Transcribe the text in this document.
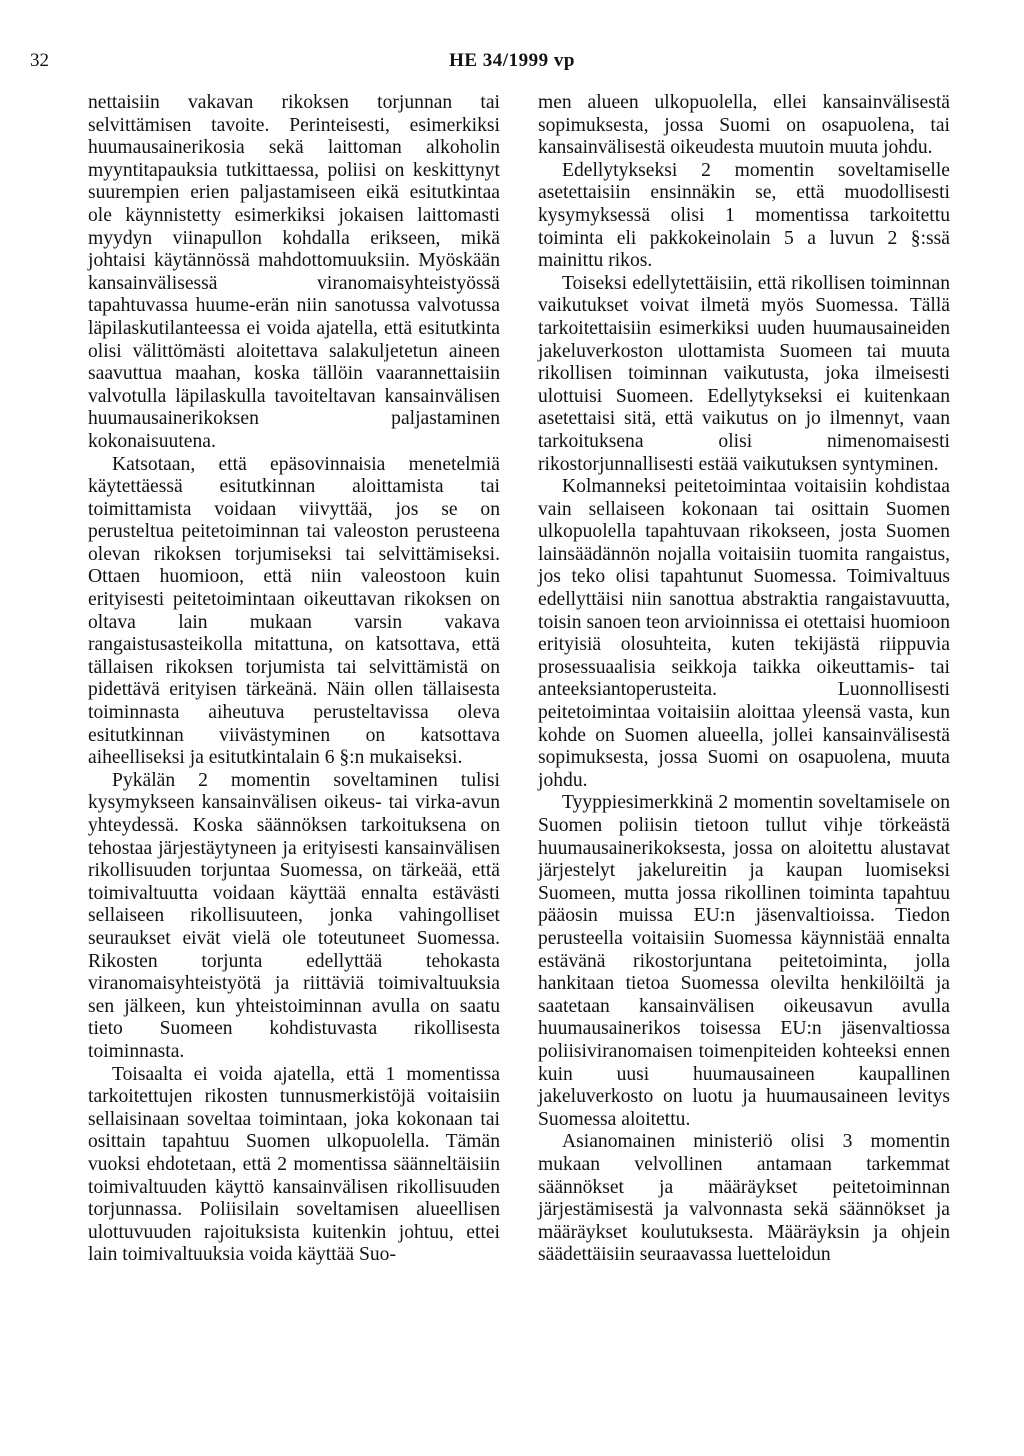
32	HE 34/1999 vp

nettaisiin vakavan rikoksen torjunnan tai selvittämisen tavoite. Perinteisesti, esimerkiksi huumausainerikosia sekä laittoman alkoholin myyntitapauksia tutkittaessa, poliisi on keskittynyt suurempien erien paljastamiseen eikä esitutkintaa ole käynnistetty esimerkiksi jokaisen laittomasti myydyn viinapullon kohdalla erikseen, mikä johtaisi käytännössä mahdottomuuksiin. Myöskään kansainvälisessä viranomaisyhteistyössä tapahtuvassa huume-erän niin sanotussa valvotussa läpilaskutilanteessa ei voida ajatella, että esitutkinta olisi välittömästi aloitettava salakuljetetun aineen saavuttua maahan, koska tällöin vaarannettaisiin valvotulla läpilaskulla tavoiteltavan kansainvälisen huumausainerikoksen paljastaminen kokonaisuutena.

Katsotaan, että epäsovinnaisia menetelmiä käytettäessä esitutkinnan aloittamista tai toimittamista voidaan viivyttää, jos se on perusteltua peitetoiminnan tai valeoston perusteena olevan rikoksen torjumiseksi tai selvittämiseksi. Ottaen huomioon, että niin valeostoon kuin erityisesti peitetoimintaan oikeuttavan rikoksen on oltava lain mukaan varsin vakava rangaistusasteikolla mitattuna, on katsottava, että tällaisen rikoksen torjumista tai selvittämistä on pidettävä erityisen tärkeänä. Näin ollen tällaisesta toiminnasta aiheutuva perusteltavissa oleva esitutkinnan viivästyminen on katsottava aiheelliseksi ja esitutkintalain 6 §:n mukaiseksi.

Pykälän 2 momentin soveltaminen tulisi kysymykseen kansainvälisen oikeus- tai virka-avun yhteydessä. Koska säännöksen tarkoituksena on tehostaa järjestäytyneen ja erityisesti kansainvälisen rikollisuuden torjuntaa Suomessa, on tärkeää, että toimivaltuutta voidaan käyttää ennalta estävästi sellaiseen rikollisuuteen, jonka vahingolliset seuraukset eivät vielä ole toteutuneet Suomessa. Rikosten torjunta edellyttää tehokasta viranomaisyhteistyötä ja riittäviä toimivaltuuksia sen jälkeen, kun yhteistoiminnan avulla on saatu tieto Suomeen kohdistuvasta rikollisesta toiminnasta.

Toisaalta ei voida ajatella, että 1 momentissa tarkoitettujen rikosten tunnusmerkistöjä voitaisiin sellaisinaan soveltaa toimintaan, joka kokonaan tai osittain tapahtuu Suomen ulkopuolella. Tämän vuoksi ehdotetaan, että 2 momentissa säänneltäisiin toimivaltuuden käyttö kansainvälisen rikollisuuden torjunnassa. Poliisilain soveltamisen alueellisen ulottuvuuden rajoituksista kuitenkin johtuu, ettei lain toimivaltuuksia voida käyttää Suo-

men alueen ulkopuolella, ellei kansainvälisestä sopimuksesta, jossa Suomi on osapuolena, tai kansainvälisestä oikeudesta muutoin muuta johdu.

Edellytykseksi 2 momentin soveltamiselle asetettaisiin ensinnäkin se, että muodollisesti kysymyksessä olisi 1 momentissa tarkoitettu toiminta eli pakkokeinolain 5 a luvun 2 §:ssä mainittu rikos.

Toiseksi edellytettäisiin, että rikollisen toiminnan vaikutukset voivat ilmetä myös Suomessa. Tällä tarkoitettaisiin esimerkiksi uuden huumausaineiden jakeluverkoston ulottamista Suomeen tai muuta rikollisen toiminnan vaikutusta, joka ilmeisesti ulottuisi Suomeen. Edellytykseksi ei kuitenkaan asetettaisi sitä, että vaikutus on jo ilmennyt, vaan tarkoituksena olisi nimenomaisesti rikostorjunnallisesti estää vaikutuksen syntyminen.

Kolmanneksi peitetoimintaa voitaisiin kohdistaa vain sellaiseen kokonaan tai osittain Suomen ulkopuolella tapahtuvaan rikokseen, josta Suomen lainsäädännön nojalla voitaisiin tuomita rangaistus, jos teko olisi tapahtunut Suomessa. Toimivaltuus edellyttäisi niin sanottua abstraktia rangaistavuutta, toisin sanoen teon arvioinnissa ei otettaisi huomioon erityisiä olosuhteita, kuten tekijästä riippuvia prosessuaalisia seikkoja taikka oikeuttamis- tai anteeksiantoperusteita. Luonnollisesti peitetoimintaa voitaisiin aloittaa yleensä vasta, kun kohde on Suomen alueella, jollei kansainvälisestä sopimuksesta, jossa Suomi on osapuolena, muuta johdu.

Tyyppiesimerkkinä 2 momentin soveltamisele on Suomen poliisin tietoon tullut vihje törkeästä huumausainerikoksesta, jossa on aloitettu alustavat järjestelyt jakelureitin ja kaupan luomiseksi Suomeen, mutta jossa rikollinen toiminta tapahtuu pääosin muissa EU:n jäsenvaltioissa. Tiedon perusteella voitaisiin Suomessa käynnistää ennalta estävänä rikostorjuntana peitetoiminta, jolla hankitaan tietoa Suomessa olevilta henkilöiltä ja saatetaan kansainvälisen oikeusavun avulla huumausainerikos toisessa EU:n jäsenvaltiossa poliisiviranomaisen toimenpiteiden kohteeksi ennen kuin uusi huumausaineen kaupallinen jakeluverkosto on luotu ja huumausaineen levitys Suomessa aloitettu.

Asianomainen ministeriö olisi 3 momentin mukaan velvollinen antamaan tarkemmat säännökset ja määräykset peitetoiminnan järjestämisestä ja valvonnasta sekä säännökset ja määräykset koulutuksesta. Määräyksin ja ohjein säädettäisiin seuraavassa luetteloidun
